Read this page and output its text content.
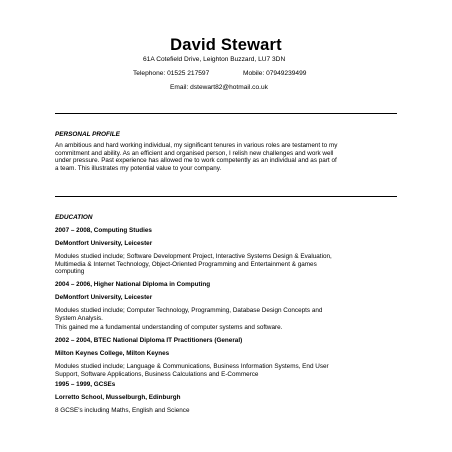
David Stewart
61A Cotefield Drive, Leighton Buzzard, LU7 3DN
Telephone: 01525 217597	Mobile: 07949239499
Email: dstewart82@hotmail.co.uk
PERSONAL PROFILE
An ambitious and hard working individual, my significant tenures in various roles are testament to my
commitment and ability. As an efficient and organised person, I relish new challenges and work well
under pressure. Past experience has allowed me to work competently as an individual and as part of
a team. This illustrates my potential value to your company.
EDUCATION
2007 – 2008, Computing Studies
DeMontfort University, Leicester
Modules studied include; Software Development Project, Interactive Systems Design & Evaluation,
Multimedia & Internet Technology, Object-Oriented Programming and Entertainment & games
computing
2004 – 2006, Higher National Diploma in Computing
DeMontfort University, Leicester
Modules studied include; Computer Technology, Programming, Database Design Concepts and
System Analysis.
This gained me a fundamental understanding of computer systems and software.
2002 – 2004, BTEC National Diploma IT Practitioners (General)
Milton Keynes College, Milton Keynes
Modules studied include; Language & Communications, Business Information Systems, End User
Support, Software Applications, Business Calculations and E-Commerce
1995 – 1999, GCSEs
Lorretto School, Musselburgh, Edinburgh
8 GCSE's including Maths, English and Science
